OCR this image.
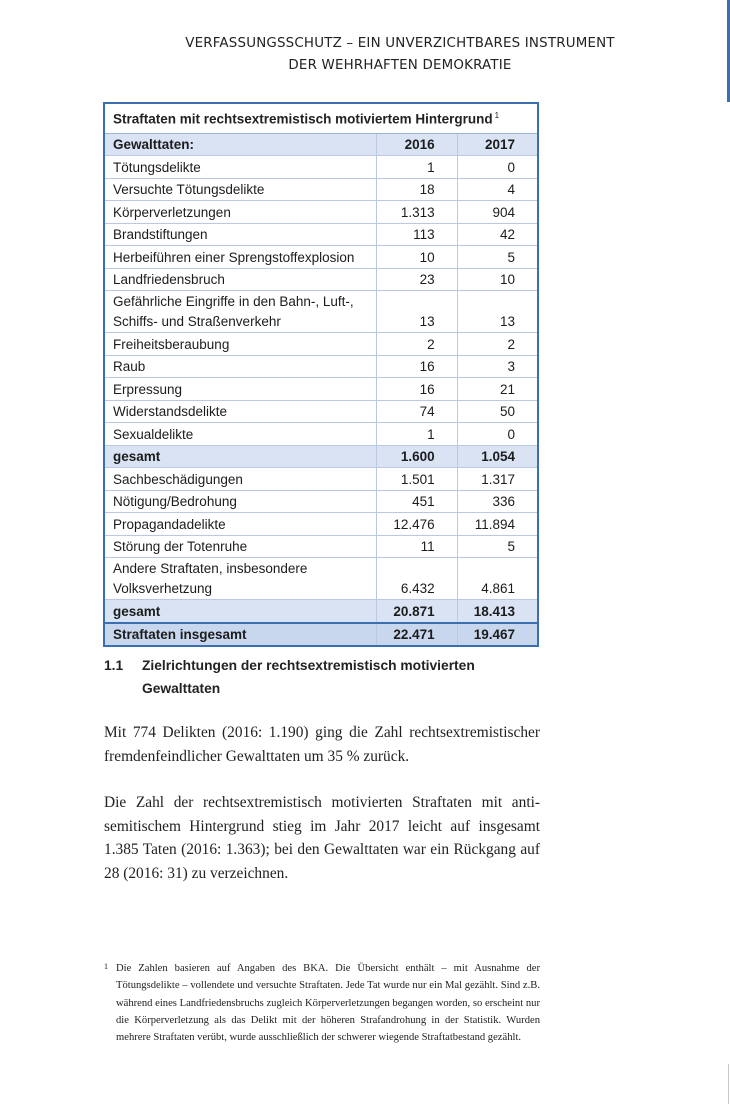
VERFASSUNGSSCHUTZ – EIN UNVERZICHTBARES INSTRUMENT
DER WEHRHAFTEN DEMOKRATIE
Straftaten mit rechtsextremistisch motiviertem Hintergrund $^1$
Gewalttaten:	2016	2017
Tötungsdelikte	1	0
Versuchte Tötungsdelikte	18	4
Körperverletzungen	1.313	904
Brandstiftungen	113	42
Herbeiführen einer Sprengstoffexplosion	10	5
Landfriedensbruch	23	10

Gefährliche Eingriffe in den Bahn-, Luft-,
Schiffs- und Straßenverkehr	13	13
Freiheitsberaubung	2	2
Raub	16	3
Erpressung	16	21
Widerstandsdelikte	74	50
Sexualdelikte	1	0
gesamt	1.600	1.054
Sachbeschädigungen	1.501	1.317
Nötigung/Bedrohung	451	336
Propagandadelikte	12.476	11.894
Störung der Totenruhe	11	5

Andere Straftaten, insbesondere
Volksverhetzung	6.432	4.861
gesamt	20.871	18.413
Straftaten insgesamt	22.471	19.467
1.1 Zielrichtungen der rechtsextremistisch motivierten Gewalttaten
Mit 774 Delikten (2016: 1.190) ging die Zahl rechtsextremistischer fremdenfeindlicher Gewalttaten um 35 % zurück.
Die Zahl der rechtsextremistisch motivierten Straftaten mit anti-semitischem Hintergrund stieg im Jahr 2017 leicht auf insgesamt 1.385 Taten (2016: 1.363); bei den Gewalttaten war ein Rückgang auf 28 (2016: 31) zu verzeichnen.
1 Die Zahlen basieren auf Angaben des BKA. Die Übersicht enthält – mit Ausnahme der Tötungsdelikte – vollendete und versuchte Straftaten. Jede Tat wurde nur ein Mal gezählt. Sind z.B. während eines Landfriedensbruchs zugleich Körperverletzungen begangen worden, so erscheint nur die Körperverletzung als das Delikt mit der höheren Strafandrohung in der Statistik. Wurden mehrere Straftaten verübt, wurde ausschließlich der schwerer wiegende Straftatbestand gezählt.
